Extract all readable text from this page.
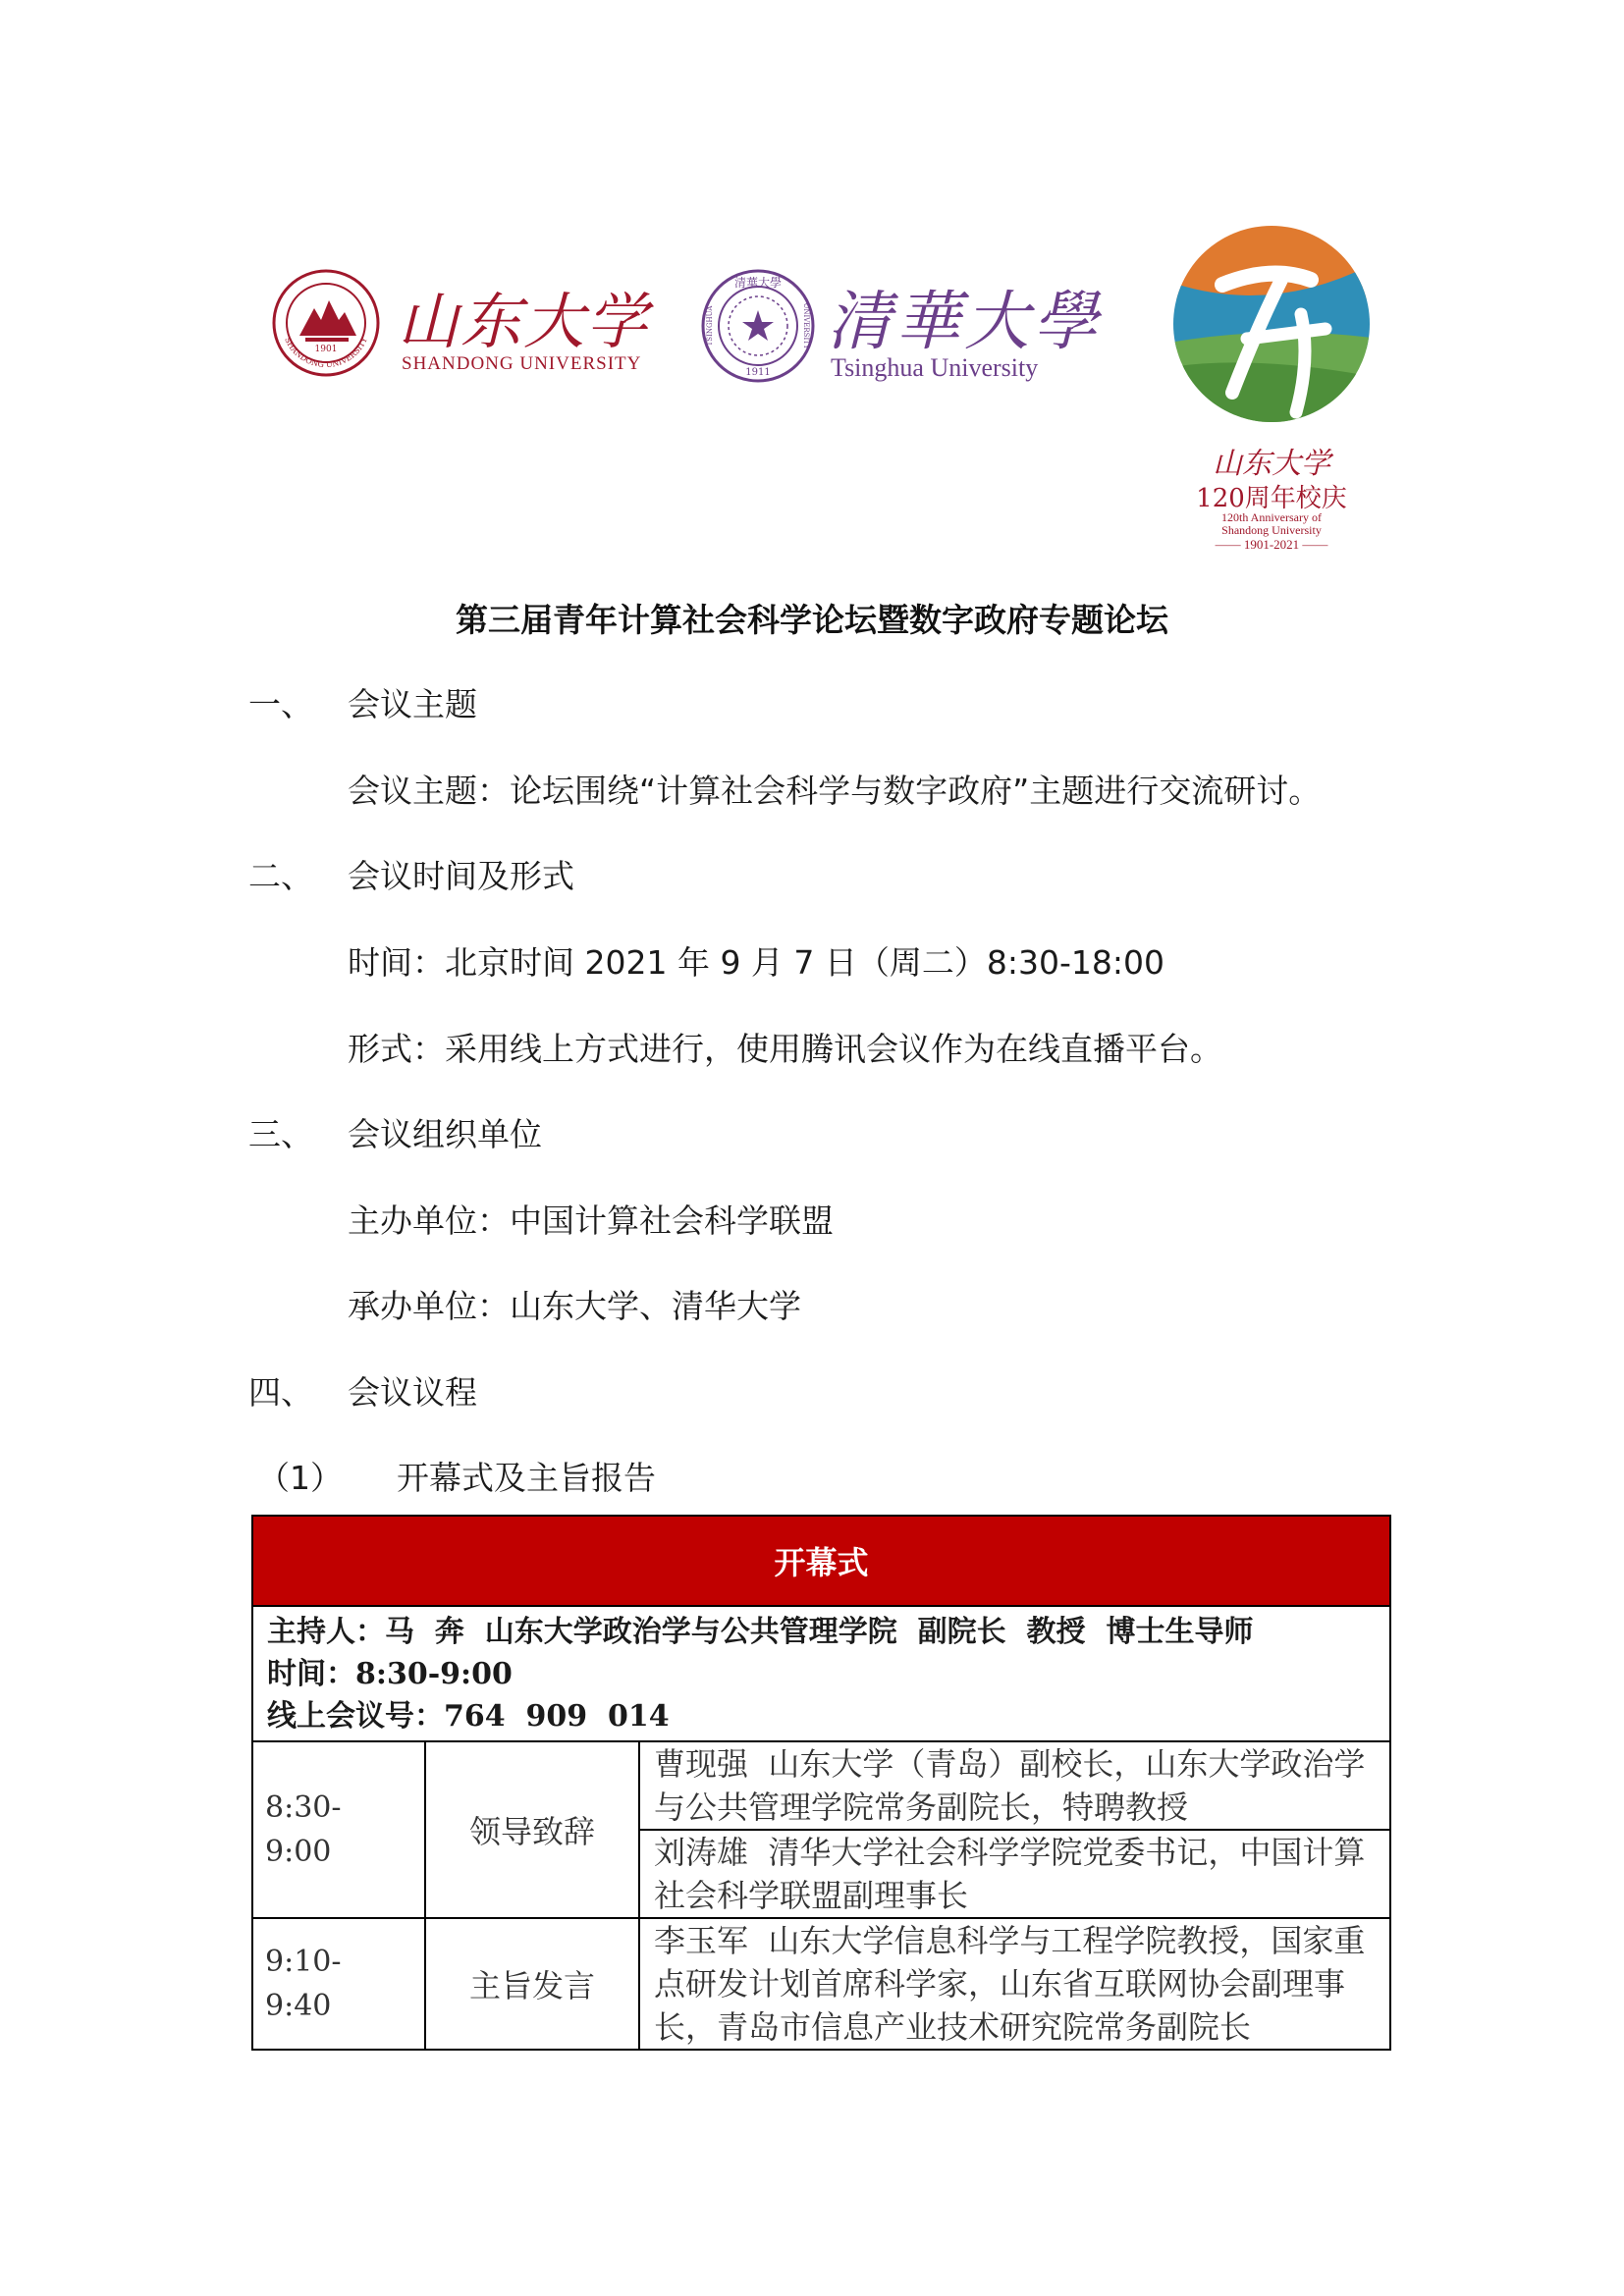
1901
SHANDONG UNIVERSITY 山东大学
SHANDONG UNIVERSITY
清華大學
1911
TSINGHUA	UNIVERSITY 清華大學
Tsinghua University
山东大学
120周年校庆
120th Anniversary of
Shandong University
—— 1901-2021 ——
第三届青年计算社会科学论坛暨数字政府专题论坛
一、 会议主题
会议主题：论坛围绕“计算社会科学与数字政府”主题进行交流研讨。
二、 会议时间及形式
时间：北京时间 2021 年 9 月 7 日（周二）8:30-18:00
形式：采用线上方式进行，使用腾讯会议作为在线直播平台。
三、 会议组织单位
主办单位：中国计算社会科学联盟
承办单位：山东大学、清华大学
四、 会议议程
（1） 开幕式及主旨报告
开幕式		

主持人：马  奔  山东大学政治学与公共管理学院  副院长  教授  博士生导师
时间：8:30-9:00
线上会议号：764  909  014		

8:30-
9:00	领导致辞	曹现强  山东大学（青岛）副校长，山东大学政治学与公共管理学院常务副院长，特聘教授

		刘涛雄  清华大学社会科学学院党委书记，中国计算社会科学联盟副理事长

9:10-
9:40	主旨发言	李玉军  山东大学信息科学与工程学院教授，国家重点研发计划首席科学家，山东省互联网协会副理事长，青岛市信息产业技术研究院常务副院长
